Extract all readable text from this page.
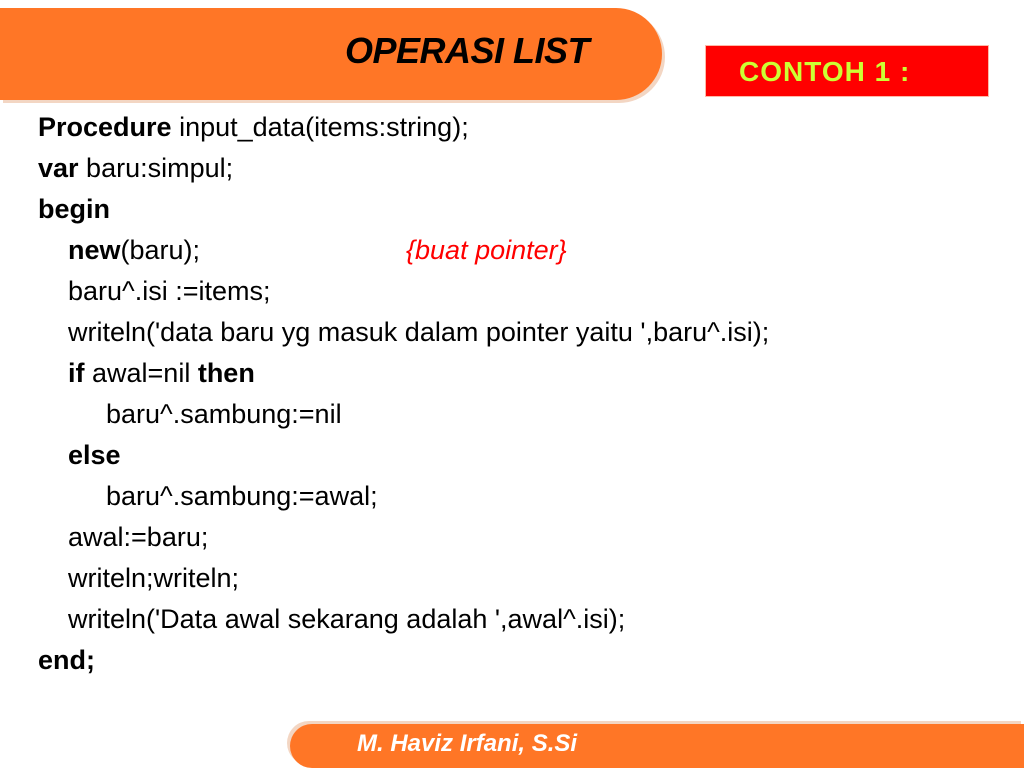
OPERASI LIST
CONTOH 1 :
Procedure input_data(items:string);
var baru:simpul;
begin
new(baru);	{buat pointer}
baru^.isi :=items;
writeln('data baru yg masuk dalam pointer yaitu ',baru^.isi);
if awal=nil then
baru^.sambung:=nil
else
baru^.sambung:=awal;
awal:=baru;
writeln;writeln;
writeln('Data awal sekarang adalah ',awal^.isi);
end;
M. Haviz Irfani, S.Si
